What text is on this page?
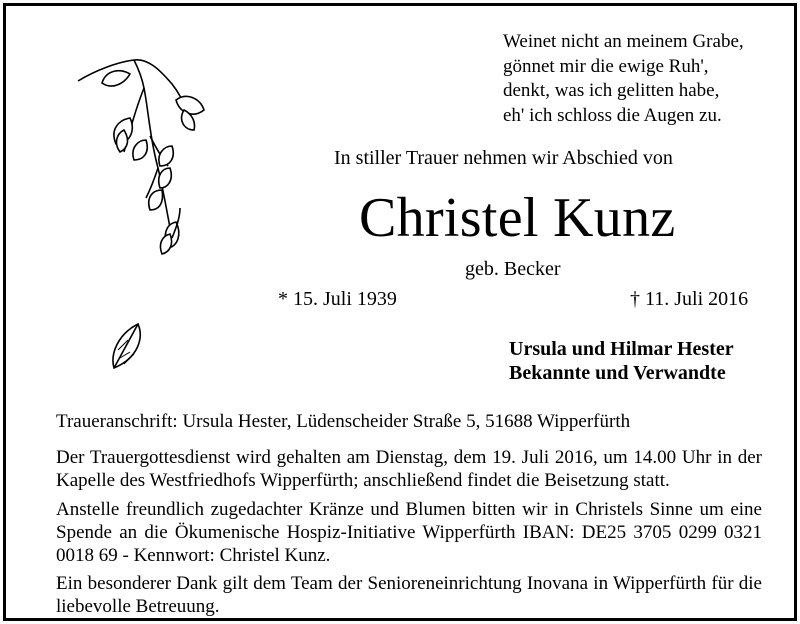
Weinet nicht an meinem Grabe,
gönnet mir die ewige Ruh',
denkt, was ich gelitten habe,
eh' ich schloss die Augen zu.
In stiller Trauer nehmen wir Abschied von
Christel Kunz
geb. Becker
* 15. Juli 1939	† 11. Juli 2016
Ursula und Hilmar Hester
Bekannte und Verwandte
Traueranschrift: Ursula Hester, Lüdenscheider Straße 5, 51688 Wipperfürth
Der Trauergottesdienst wird gehalten am Dienstag, dem 19. Juli 2016, um 14.00 Uhr in der Kapelle des Westfriedhofs Wipperfürth; anschließend findet die Beisetzung statt.
Anstelle freundlich zugedachter Kränze und Blumen bitten wir in Christels Sinne um eine Spende an die Ökumenische Hospiz-Initiative Wipperfürth IBAN: DE25 3705 0299 0321 0018 69 - Kennwort: Christel Kunz.
Ein besonderer Dank gilt dem Team der Senioreneinrichtung Inovana in Wipperfürth für die liebevolle Betreuung.
